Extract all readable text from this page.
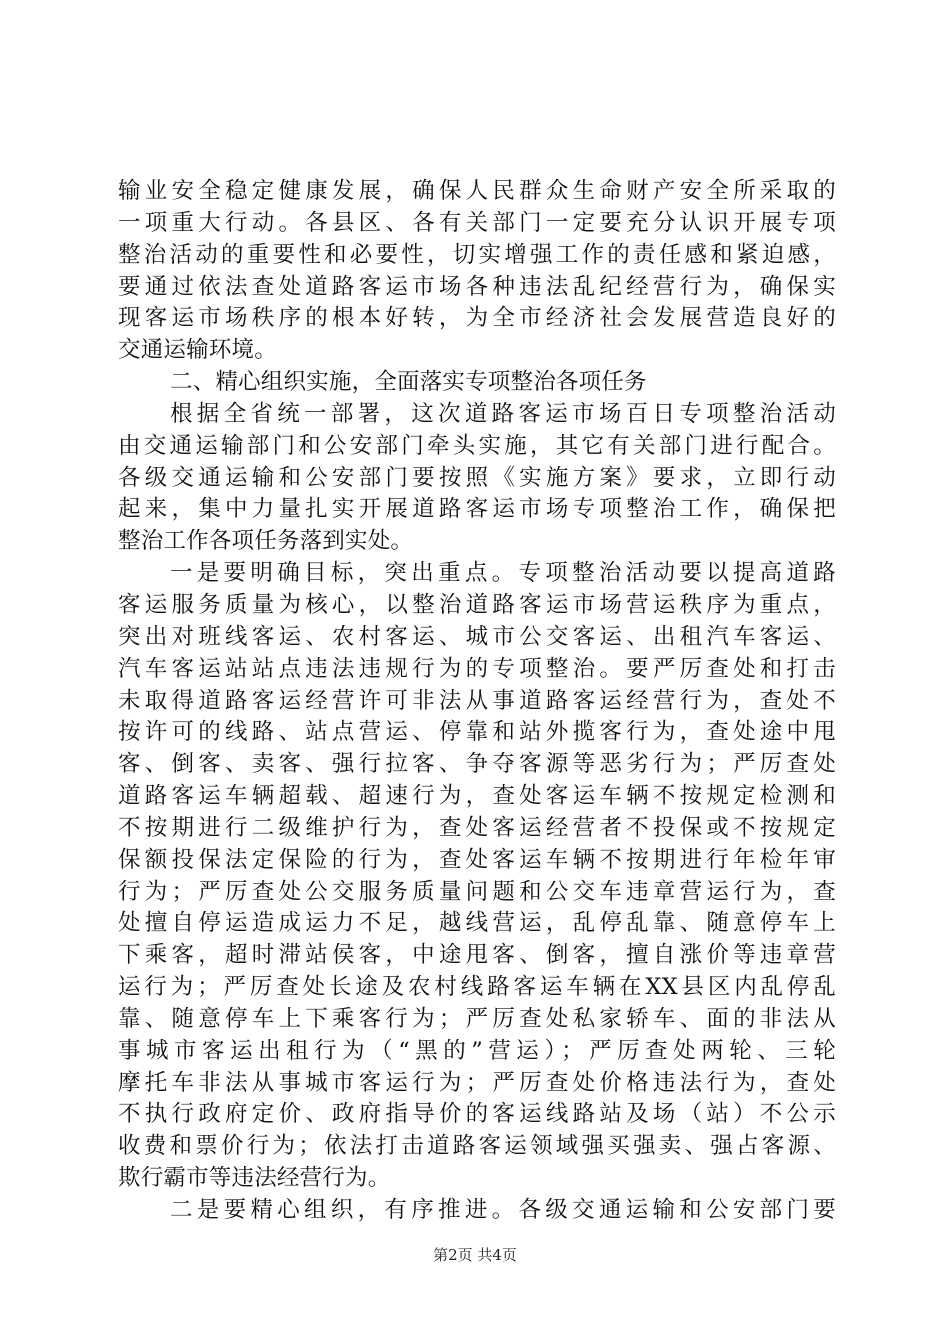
输业安全稳定健康发展，确保人民群众生命财产安全所采取的
一项重大行动。各县区、各有关部门一定要充分认识开展专项
整治活动的重要性和必要性，切实增强工作的责任感和紧迫感，
要通过依法查处道路客运市场各种违法乱纪经营行为，确保实
现客运市场秩序的根本好转，为全市经济社会发展营造良好的
交通运输环境。
二、精心组织实施，全面落实专项整治各项任务
根据全省统一部署，这次道路客运市场百日专项整治活动
由交通运输部门和公安部门牵头实施，其它有关部门进行配合。
各级交通运输和公安部门要按照《实施方案》要求，立即行动
起来，集中力量扎实开展道路客运市场专项整治工作，确保把
整治工作各项任务落到实处。
一是要明确目标，突出重点。专项整治活动要以提高道路
客运服务质量为核心，以整治道路客运市场营运秩序为重点，
突出对班线客运、农村客运、城市公交客运、出租汽车客运、
汽车客运站站点违法违规行为的专项整治。要严厉查处和打击
未取得道路客运经营许可非法从事道路客运经营行为，查处不
按许可的线路、站点营运、停靠和站外揽客行为，查处途中甩
客、倒客、卖客、强行拉客、争夺客源等恶劣行为；严厉查处
道路客运车辆超载、超速行为，查处客运车辆不按规定检测和
不按期进行二级维护行为，查处客运经营者不投保或不按规定
保额投保法定保险的行为，查处客运车辆不按期进行年检年审
行为；严厉查处公交服务质量问题和公交车违章营运行为，查
处擅自停运造成运力不足，越线营运，乱停乱靠、随意停车上
下乘客，超时滞站侯客，中途甩客、倒客，擅自涨价等违章营
运行为；严厉查处长途及农村线路客运车辆在XX县区内乱停乱
靠、随意停车上下乘客行为；严厉查处私家轿车、面的非法从
事城市客运出租行为（“黑的”营运）；严厉查处两轮、三轮
摩托车非法从事城市客运行为；严厉查处价格违法行为，查处
不执行政府定价、政府指导价的客运线路站及场（站）不公示
收费和票价行为；依法打击道路客运领域强买强卖、强占客源、
欺行霸市等违法经营行为。
二是要精心组织，有序推进。各级交通运输和公安部门要
第2页 共4页
